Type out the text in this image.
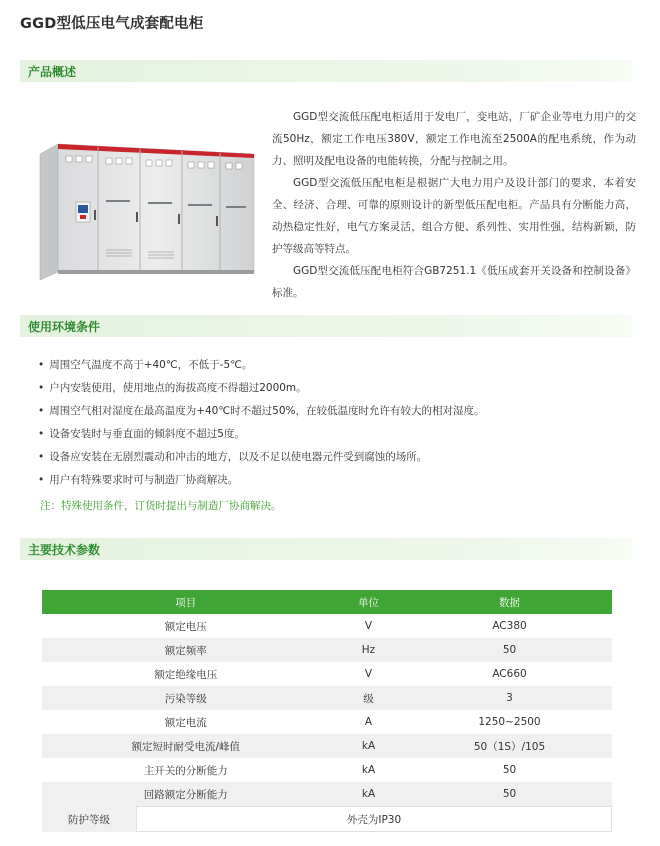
GGD型低压电气成套配电柜
产品概述

GGD型交流低压配电柜适用于发电厂，变电站，厂矿企业等电力用户的交流50Hz，额定工作电压380V，额定工作电流至2500A的配电系统，作为动力、照明及配电设备的电能转换，分配与控制之用。

GGD型交流低压配电柜是根据广大电力用户及设计部门的要求，本着安全、经济、合理、可靠的原则设计的新型低压配电柜。产品具有分断能力高，动热稳定性好，电气方案灵活，组合方便、系列性、实用性强，结构新颖，防护等级高等特点。

GGD型交流低压配电柜符合GB7251.1《低压成套开关设备和控制设备》标准。

使用环境条件
• 周围空气温度不高于+40℃，不低于-5℃。
• 户内安装使用，使用地点的海拔高度不得超过2000m。
• 周围空气相对湿度在最高温度为+40℃时不超过50%，在较低温度时允许有较大的相对湿度。
• 设备安装时与垂直面的倾斜度不超过5度。
• 设备应安装在无剧烈震动和冲击的地方，以及不足以使电器元件受到腐蚀的场所。
• 用户有特殊要求时可与制造厂协商解决。
注：特殊使用条件，订货时提出与制造厂协商解决。
主要技术参数
项目		单位	数据
额定电压		V	AC380
额定频率		Hz	50
额定绝缘电压		V	AC660
污染等级		级	3
额定电流		A	1250~2500
额定短时耐受电流/峰值		kA	50（1S）/105
主开关的分断能力		kA	50
回路额定分断能力		kA	50
防护等级	外壳为IP30		
